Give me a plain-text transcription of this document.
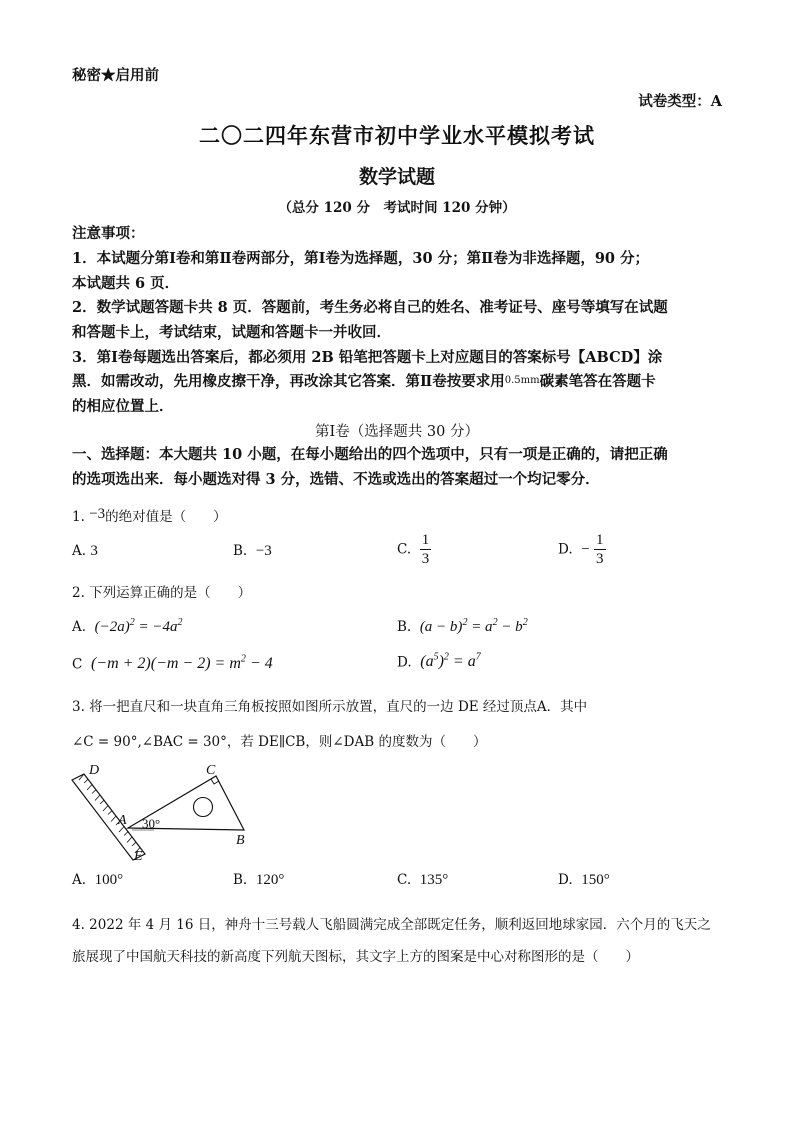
秘密★启用前
试卷类型：A
二〇二四年东营市初中学业水平模拟考试
数学试题
（总分 120 分　考试时间 120 分钟）
注意事项：
1．本试题分第Ⅰ卷和第Ⅱ卷两部分，第Ⅰ卷为选择题，30 分；第Ⅱ卷为非选择题，90 分；
本试题共 6 页．
2．数学试题答题卡共 8 页．答题前，考生务必将自己的姓名、准考证号、座号等填写在试题
和答题卡上，考试结束，试题和答题卡一并收回．
3．第Ⅰ卷每题选出答案后，都必须用 2B 铅笔把答题卡上对应题目的答案标号【ABCD】涂
黑．如需改动，先用橡皮擦干净，再改涂其它答案．第Ⅱ卷按要求用$^{0.5mm}$碳素笔答在答题卡
的相应位置上．
第Ⅰ卷（选择题共 30 分）
一、选择题：本大题共 10 小题，在每小题给出的四个选项中，只有一项是正确的，请把正确
的选项选出来．每小题选对得 3 分，选错、不选或选出的答案超过一个均记零分．
1. −3的绝对值是（　　）
A. 3	B. −3	C. $\frac{1}{3}$	D. − $\frac{1}{3}$
2. 下列运算正确的是（　　）
A. $(-2a)^2 = -4a^2$	B. $(a - b)^2 = a^2 - b^2$
C $(-m + 2)(-m - 2) = m^2 - 4$	D. $(a^5)^2 = a^7$
3. 将一把直尺和一块直角三角板按照如图所示放置，直尺的一边 DE 经过顶点A．其中
∠C = 90°,∠BAC = 30°，若 DE∥CB，则∠DAB 的度数为（　　）
D	C
A
B
E
30°
A. 100°	B. 120°	C. 135°	D. 150°
4. 2022 年 4 月 16 日，神舟十三号载人飞船圆满完成全部既定任务，顺利返回地球家园．六个月的飞天之
旅展现了中国航天科技的新高度下列航天图标，其文字上方的图案是中心对称图形的是（　　）
